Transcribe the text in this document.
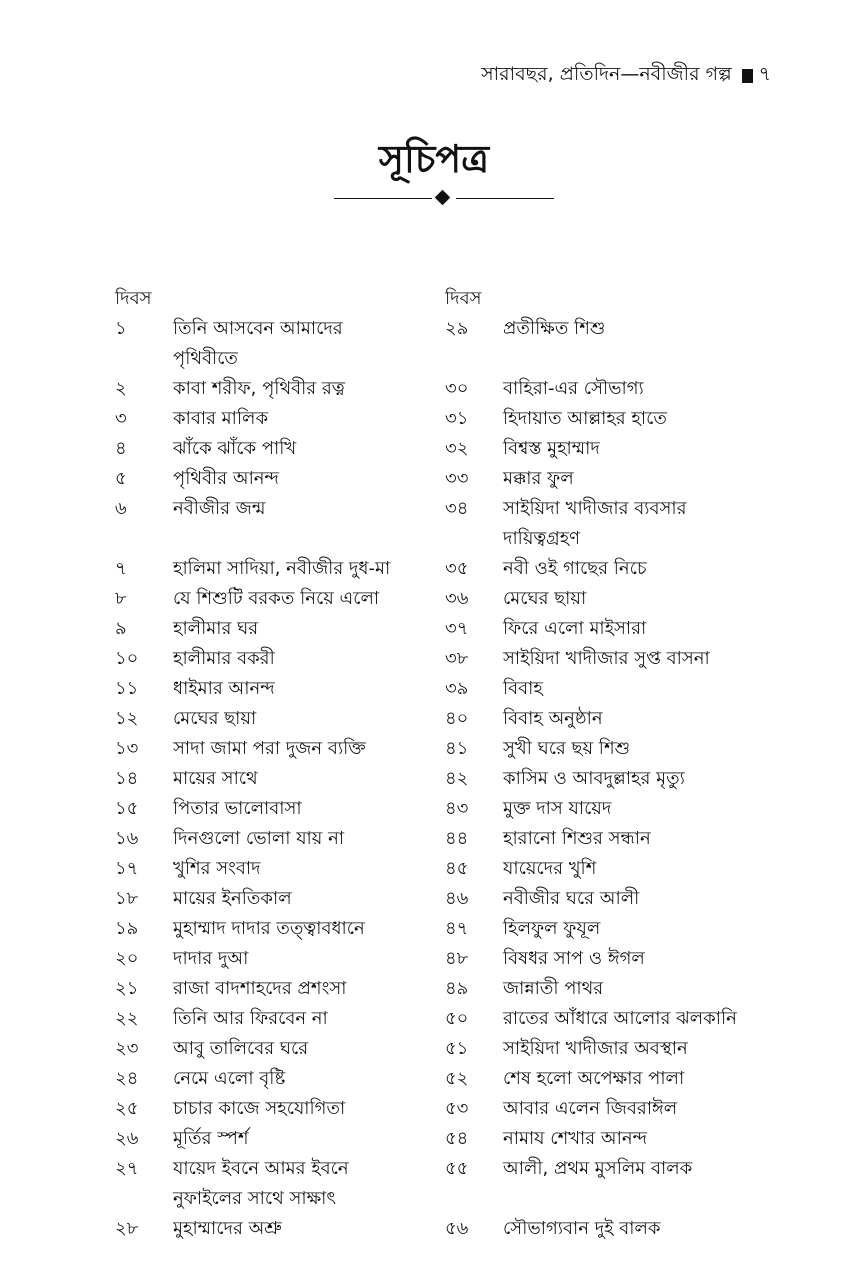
সারাবছর, প্রতিদিন—নবীজীর গল্প ৭
সূচিপত্র
দিবস
১	তিনি আসবেন আমাদের
পৃথিবীতে
২	কাবা শরীফ, পৃথিবীর রত্ন
৩	কাবার মালিক
৪	ঝাঁকে ঝাঁকে পাখি
৫	পৃথিবীর আনন্দ
৬	নবীজীর জন্ম
৭	হালিমা সাদিয়া, নবীজীর দুধ-মা
৮	যে শিশুটি বরকত নিয়ে এলো
৯	হালীমার ঘর
১০	হালীমার বকরী
১১	ধাইমার আনন্দ
১২	মেঘের ছায়া
১৩	সাদা জামা পরা দুজন ব্যক্তি
১৪	মায়ের সাথে
১৫	পিতার ভালোবাসা
১৬	দিনগুলো ভোলা যায় না
১৭	খুশির সংবাদ
১৮	মায়ের ইনতিকাল
১৯	মুহাম্মাদ দাদার তত্ত্বাবধানে
২০	দাদার দুআ
২১	রাজা বাদশাহদের প্রশংসা
২২	তিনি আর ফিরবেন না
২৩	আবু তালিবের ঘরে
২৪	নেমে এলো বৃষ্টি
২৫	চাচার কাজে সহযোগিতা
২৬	মূর্তির স্পর্শ
২৭	যায়েদ ইবনে আমর ইবনে
নুফাইলের সাথে সাক্ষাৎ
২৮	মুহাম্মাদের অশ্রু
দিবস
২৯	প্রতীক্ষিত শিশু
৩০	বাহিরা-এর সৌভাগ্য
৩১	হিদায়াত আল্লাহর হাতে
৩২	বিশ্বস্ত মুহাম্মাদ
৩৩	মক্কার ফুল
৩৪	সাইয়িদা খাদীজার ব্যবসার
দায়িত্বগ্রহণ
৩৫	নবী ওই গাছের নিচে
৩৬	মেঘের ছায়া
৩৭	ফিরে এলো মাইসারা
৩৮	সাইয়িদা খাদীজার সুপ্ত বাসনা
৩৯	বিবাহ
৪০	বিবাহ অনুষ্ঠান
৪১	সুখী ঘরে ছয় শিশু
৪২	কাসিম ও আবদুল্লাহর মৃত্যু
৪৩	মুক্ত দাস যায়েদ
৪৪	হারানো শিশুর সন্ধান
৪৫	যায়েদের খুশি
৪৬	নবীজীর ঘরে আলী
৪৭	হিলফুল ফুযূল
৪৮	বিষধর সাপ ও ঈগল
৪৯	জান্নাতী পাথর
৫০	রাতের আঁধারে আলোর ঝলকানি
৫১	সাইয়িদা খাদীজার অবস্থান
৫২	শেষ হলো অপেক্ষার পালা
৫৩	আবার এলেন জিবরাঈল
৫৪	নামায শেখার আনন্দ
৫৫	আলী, প্রথম মুসলিম বালক
৫৬	সৌভাগ্যবান দুই বালক
